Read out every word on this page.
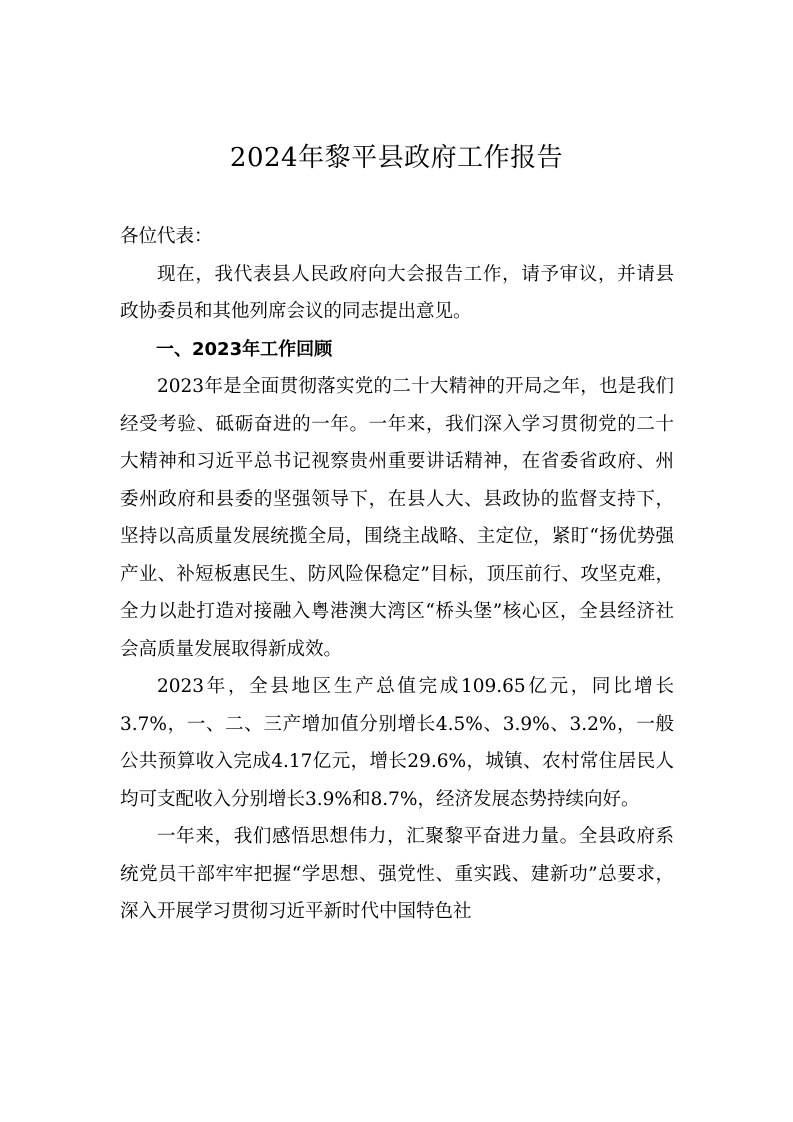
2024年黎平县政府工作报告

各位代表：

现在，我代表县人民政府向大会报告工作，请予审议，并请县政协委员和其他列席会议的同志提出意见。

一、2023年工作回顾

2023年是全面贯彻落实党的二十大精神的开局之年，也是我们经受考验、砥砺奋进的一年。一年来，我们深入学习贯彻党的二十大精神和习近平总书记视察贵州重要讲话精神，在省委省政府、州委州政府和县委的坚强领导下，在县人大、县政协的监督支持下，坚持以高质量发展统揽全局，围绕主战略、主定位，紧盯“扬优势强产业、补短板惠民生、防风险保稳定”目标，顶压前行、攻坚克难，全力以赴打造对接融入粤港澳大湾区“桥头堡”核心区，全县经济社会高质量发展取得新成效。

2023年，全县地区生产总值完成109.65亿元，同比增长3.7%，一、二、三产增加值分别增长4.5%、3.9%、3.2%，一般公共预算收入完成4.17亿元，增长29.6%，城镇、农村常住居民人均可支配收入分别增长3.9%和8.7%，经济发展态势持续向好。

一年来，我们感悟思想伟力，汇聚黎平奋进力量。全县政府系统党员干部牢牢把握“学思想、强党性、重实践、建新功”总要求，深入开展学习贯彻习近平新时代中国特色社
